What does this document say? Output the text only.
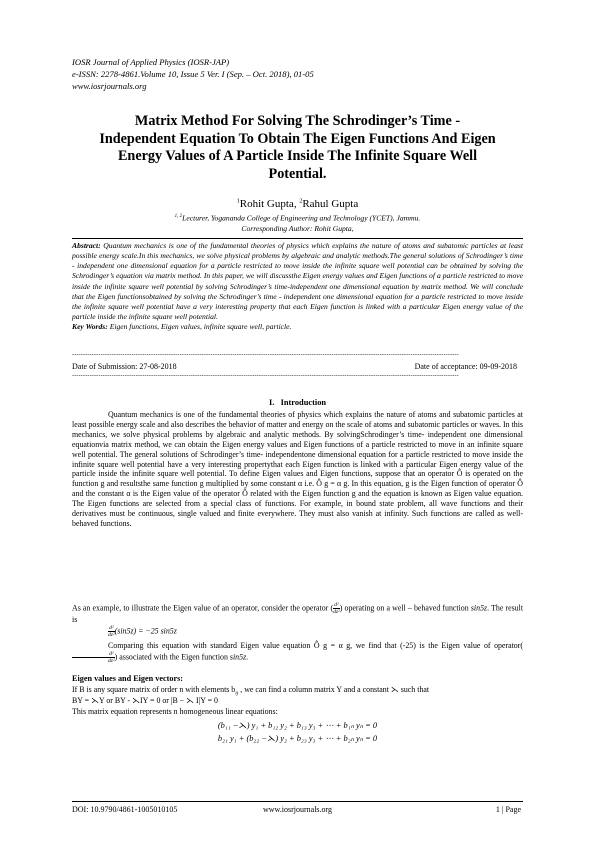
IOSR Journal of Applied Physics (IOSR-JAP)
e-ISSN: 2278-4861.Volume 10, Issue 5 Ver. I (Sep. – Oct. 2018), 01-05
www.iosrjournals.org
Matrix Method For Solving The Schrodinger’s Time -
Independent Equation To Obtain The Eigen Functions And Eigen
Energy Values of A Particle Inside The Infinite Square Well
Potential.
$^1$Rohit Gupta, $^2$Rahul Gupta
$^{1, 2}$Lecturer, Yogananda College of Engineering and Technology (YCET), Jammu.
Corresponding Author: Rohit Gupta,
Abstract: Quantum mechanics is one of the fundamental theories of physics which explains the nature of atoms and subatomic particles at least possible energy scale.In this mechanics, we solve physical problems by algebraic and analytic methods.The general solutions of Schrodinger’s time - independent one dimensional equation for a particle restricted to move inside the infinite square well potential can be obtained by solving the Schrodinger’s equation via matrix method. In this paper, we will discussthe Eigen energy values and Eigen functions of a particle restricted to move inside the infinite square well potential by solving Schrodinger’s time-independent one dimensional equation by matrix method. We will conclude that the Eigen functionsobtained by solving the Schrodinger’s time - independent one dimensional equation for a particle restricted to move inside the infinite square well potential have a very interesting property that each Eigen function is linked with a particular Eigen energy value of the particle inside the infinite square well potential.
Key Words: Eigen functions, Eigen values, infinite square well, particle.
--------------------------------------------------------------------------------------------------------------------------------------------------------------------------------
Date of Submission: 27-08-2018	Date of acceptance: 09-09-2018
--------------------------------------------------------------------------------------------------------------------------------------------------------------------------------
I. Introduction
Quantum mechanics is one of the fundamental theories of physics which explains the nature of atoms and subatomic particles at least possible energy scale and also describes the behavior of matter and energy on the scale of atoms and subatomic particles or waves. In this mechanics, we solve physical problems by algebraic and analytic methods. By solvingSchrodinger’s time- independent one dimensional equationvia matrix method, we can obtain the Eigen energy values and Eigen functions of a particle restricted to move in an infinite square well potential. The general solutions of Schrodinger’s time- independentone dimensional equation for a particle restricted to move inside the infinite square well potential have a very interesting propertythat each Eigen function is linked with a particular Eigen energy value of the particle inside the infinite square well potential. To define Eigen values and Eigen functions, suppose that an operator Ô is operated on the function g and resultsthe same function g multiplied by some constant α i.e. Ô g = α g. In this equation, g is the Eigen function of operator Ô and the constant α is the Eigen value of the operator Ô related with the Eigen function g and the equation is known as Eigen value equation. The Eigen functions are selected from a special class of functions. For example, in bound state problem, all wave functions and their derivatives must be continuous, single valued and finite everywhere. They must also vanish at infinity. Such functions are called as well-behaved functions.
As an example, to illustrate the Eigen value of an operator, consider the operator ( $\frac{\text{d²}}{\text{dz²}}$ ) operating on a well – behaved function sin5z. The result is
$\frac{\text{d²}}{\text{dz²}} (\sin 5z) = -25$ sin5z
Comparing this equation with standard Eigen value equation Ô g = α g, we find that (-25) is the Eigen value of operator(
$\frac{\text{d²}}{\text{dz²}}$ ) associated with the Eigen function sin5z.
Eigen values and Eigen vectors:
If B is any square matrix of order n with elements $b_{ij}$ , we can find a column matrix Y and a constant ⋋ such that
BY = ⋋Y or BY - ⋋IY = 0 or |B − ⋋ I|Y = 0
This matrix equation represents n homogeneous linear equations:
(b₁₁ −⋋) y₁ + b₁₂ y₂ + b₁₃ y₃ + ⋯ + b₁ₙ yₙ = 0
b₂₁ y₁ + (b₂₂ −⋋) y₂ + b₂₃ y₃ + ⋯ + b₂ₙ yₙ = 0
DOI: 10.9790/4861-1005010105	www.iosrjournals.org	1 | Page
